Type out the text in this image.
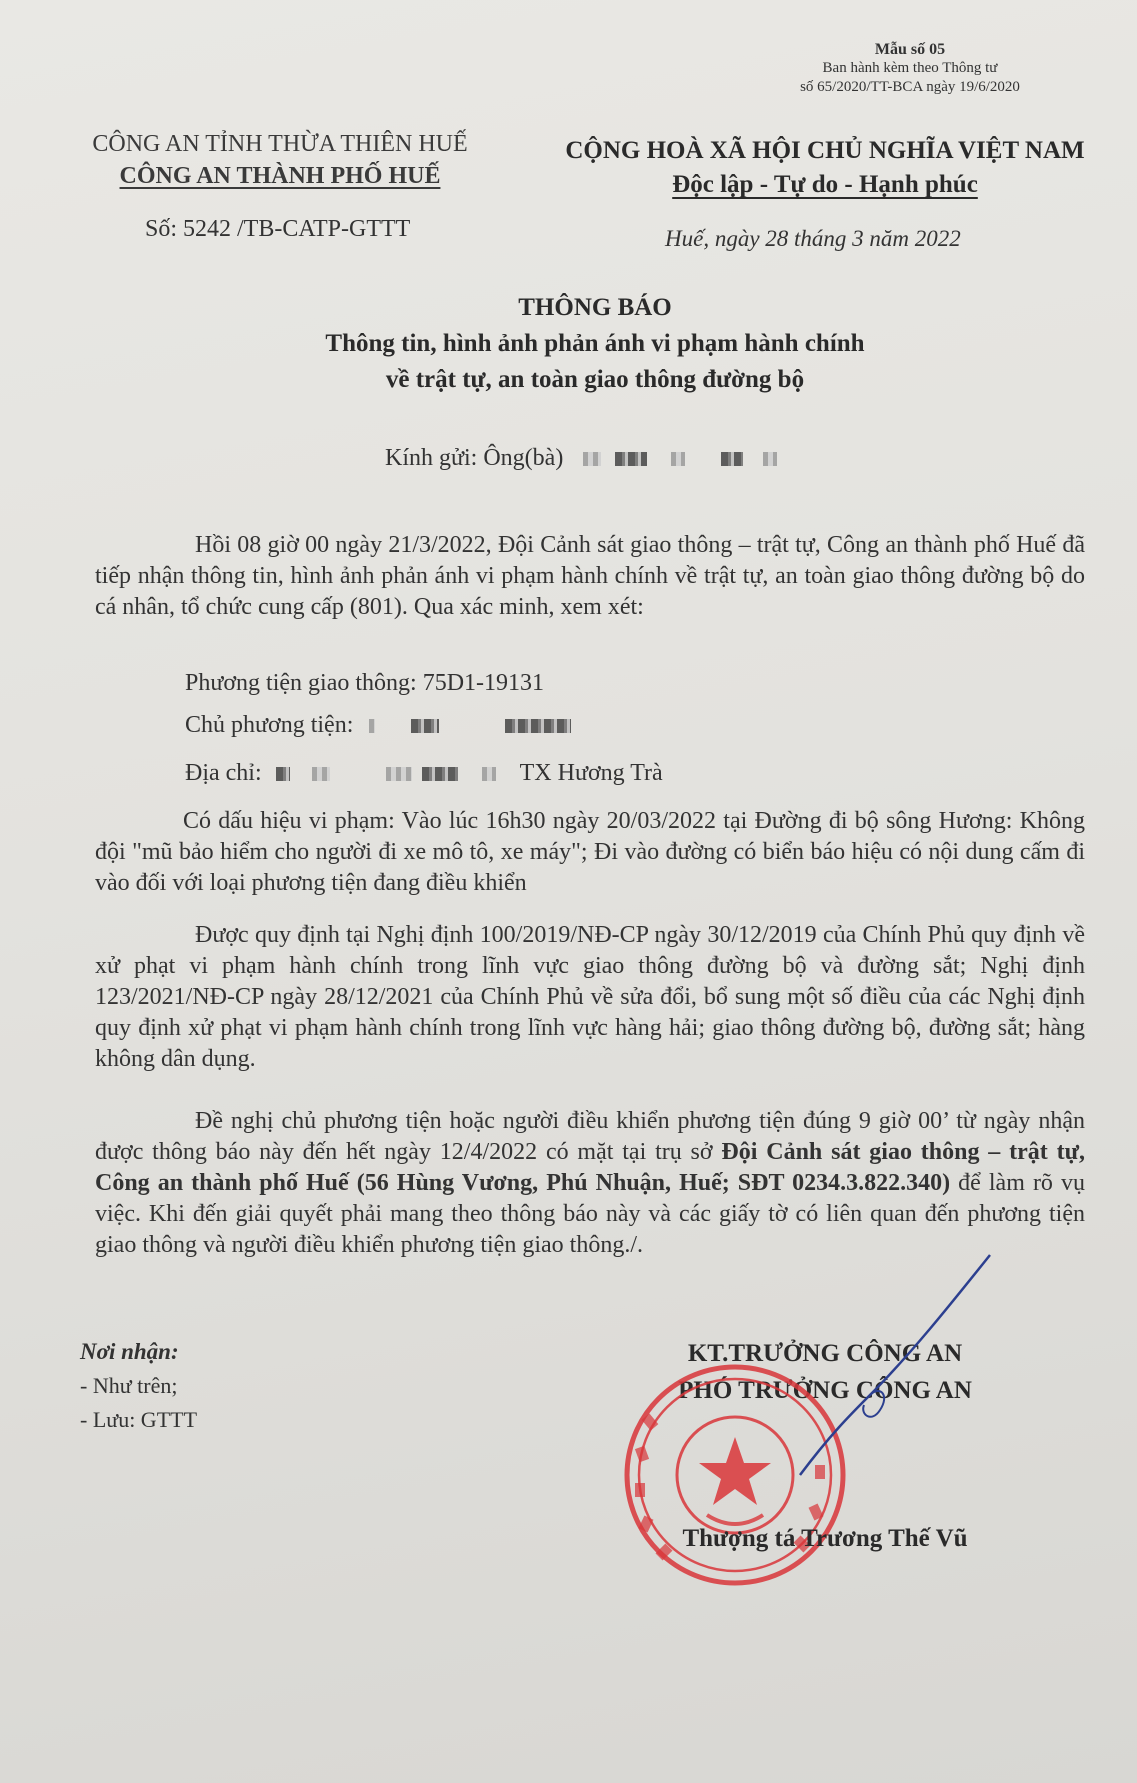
Mẫu số 05
Ban hành kèm theo Thông tư
số 65/2020/TT-BCA ngày 19/6/2020
CÔNG AN TỈNH THỪA THIÊN HUẾ
CÔNG AN THÀNH PHỐ HUẾ
CỘNG HOÀ XÃ HỘI CHỦ NGHĨA VIỆT NAM
Độc lập - Tự do - Hạnh phúc
Số: 5242 /TB-CATP-GTTT	Huế, ngày 28 tháng 3 năm 2022
THÔNG BÁO
Thông tin, hình ảnh phản ánh vi phạm hành chính
về trật tự, an toàn giao thông đường bộ
Kính gửi: Ông(bà)
Hồi 08 giờ 00 ngày 21/3/2022, Đội Cảnh sát giao thông – trật tự, Công an thành phố Huế đã tiếp nhận thông tin, hình ảnh phản ánh vi phạm hành chính về trật tự, an toàn giao thông đường bộ do cá nhân, tổ chức cung cấp (801). Qua xác minh, xem xét:
Phương tiện giao thông: 75D1-19131
Chủ phương tiện:
Địa chỉ:	TX Hương Trà
Có dấu hiệu vi phạm: Vào lúc 16h30 ngày 20/03/2022 tại Đường đi bộ sông Hương: Không đội "mũ bảo hiểm cho người đi xe mô tô, xe máy"; Đi vào đường có biển báo hiệu có nội dung cấm đi vào đối với loại phương tiện đang điều khiển
Được quy định tại Nghị định 100/2019/NĐ-CP ngày 30/12/2019 của Chính Phủ quy định về xử phạt vi phạm hành chính trong lĩnh vực giao thông đường bộ và đường sắt; Nghị định 123/2021/NĐ-CP ngày 28/12/2021 của Chính Phủ về sửa đổi, bổ sung một số điều của các Nghị định quy định xử phạt vi phạm hành chính trong lĩnh vực hàng hải; giao thông đường bộ, đường sắt; hàng không dân dụng.
Đề nghị chủ phương tiện hoặc người điều khiển phương tiện đúng 9 giờ 00’ từ ngày nhận được thông báo này đến hết ngày 12/4/2022 có mặt tại trụ sở Đội Cảnh sát giao thông – trật tự, Công an thành phố Huế (56 Hùng Vương, Phú Nhuận, Huế; SĐT 0234.3.822.340) để làm rõ vụ việc. Khi đến giải quyết phải mang theo thông báo này và các giấy tờ có liên quan đến phương tiện giao thông và người điều khiển phương tiện giao thông./.
Nơi nhận:
- Như trên;
- Lưu: GTTT
KT.TRƯỞNG CÔNG AN
PHÓ TRƯỞNG CÔNG AN
Thượng tá Trương Thế Vũ
